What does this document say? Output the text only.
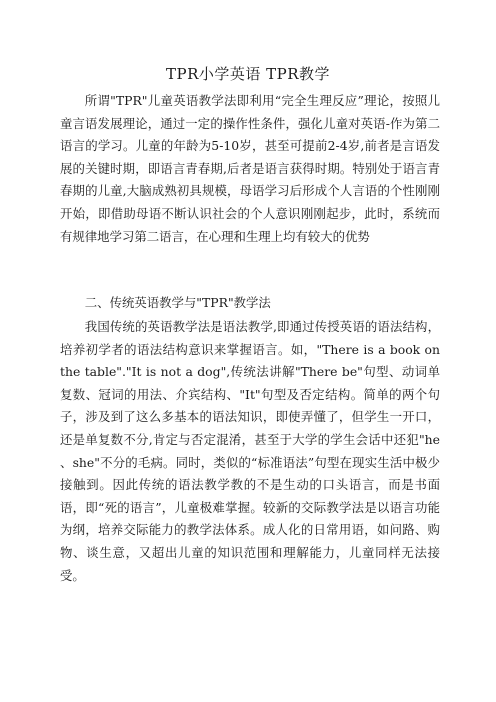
TPR小学英语 TPR教学

所谓"TPR"儿童英语教学法即利用“完全生理反应”理论，按照儿童言语发展理论，通过一定的操作性条件，强化儿童对英语-作为第二语言的学习。儿童的年龄为5-10岁，甚至可提前2-4岁,前者是言语发展的关键时期，即语言青春期,后者是语言获得时期。特别处于语言青春期的儿童,大脑成熟初具规模，母语学习后形成个人言语的个性刚刚开始，即借助母语不断认识社会的个人意识刚刚起步，此时，系统而有规律地学习第二语言，在心理和生理上均有较大的优势

二、传统英语教学与"TPR"教学法

我国传统的英语教学法是语法教学,即通过传授英语的语法结构，培养初学者的语法结构意识来掌握语言。如，"There is a book on the table"."It is not a dog",传统法讲解"There be"句型、动词单复数、冠词的用法、介宾结构、"It"句型及否定结构。简单的两个句子，涉及到了这么多基本的语法知识，即使弄懂了，但学生一开口，还是单复数不分,肯定与否定混淆，甚至于大学的学生会话中还犯"he 、she"不分的毛病。同时，类似的“标准语法”句型在现实生活中极少接触到。因此传统的语法教学教的不是生动的口头语言，而是书面语，即“死的语言”，儿童极难掌握。较新的交际教学法是以语言功能为纲，培养交际能力的教学法体系。成人化的日常用语，如问路、购物、谈生意，又超出儿童的知识范围和理解能力，儿童同样无法接受。
